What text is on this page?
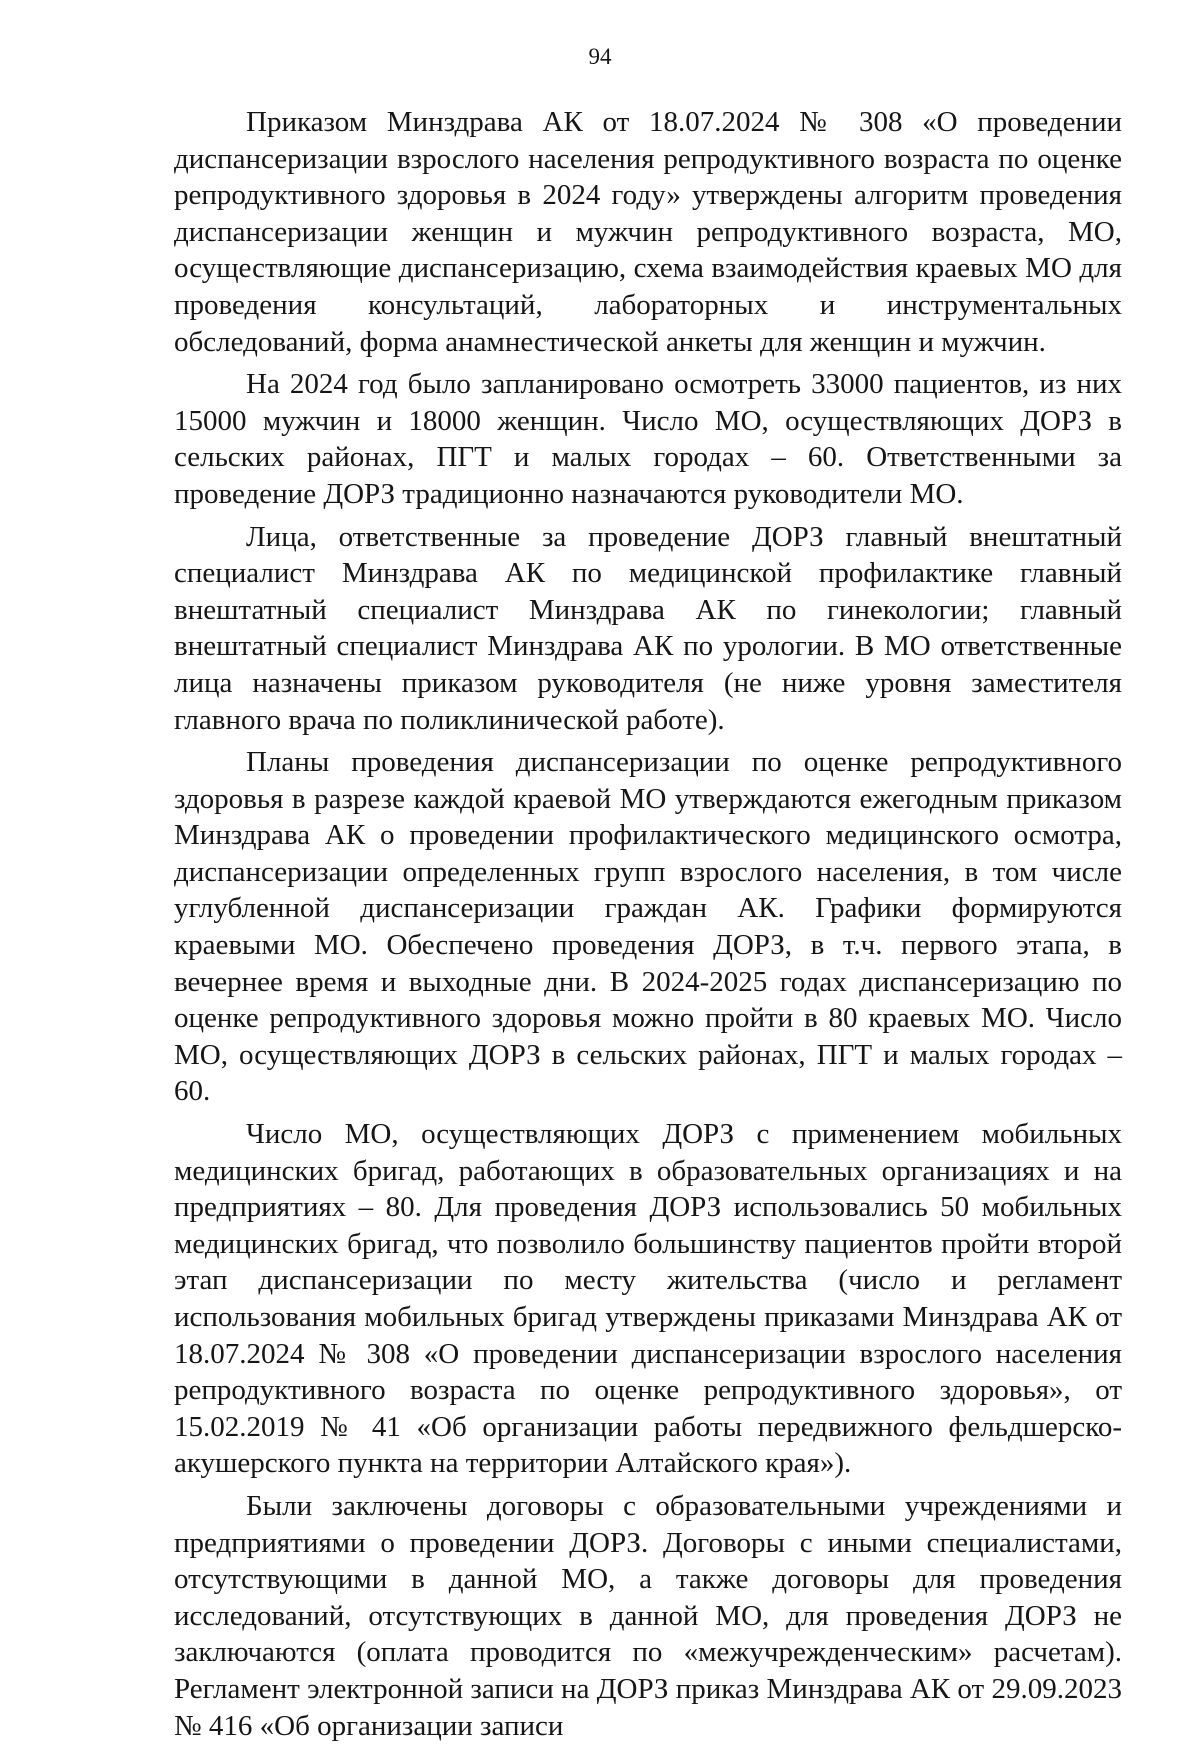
94

Приказом Минздрава АК от 18.07.2024 № 308 «О проведении диспансеризации взрослого населения репродуктивного возраста по оценке репродуктивного здоровья в 2024 году» утверждены алгоритм проведения диспансеризации женщин и мужчин репродуктивного возраста, МО, осуществляющие диспансеризацию, схема взаимодействия краевых МО для проведения консультаций, лабораторных и инструментальных обследований, форма анамнестической анкеты для женщин и мужчин.

На 2024 год было запланировано осмотреть 33000 пациентов, из них 15000 мужчин и 18000 женщин. Число МО, осуществляющих ДОРЗ в сельских районах, ПГТ и малых городах – 60. Ответственными за проведение ДОРЗ традиционно назначаются руководители МО.

Лица, ответственные за проведение ДОРЗ главный внештатный специалист Минздрава АК по медицинской профилактике главный внештатный специалист Минздрава АК по гинекологии; главный внештатный специалист Минздрава АК по урологии. В МО ответственные лица назначены приказом руководителя (не ниже уровня заместителя главного врача по поликлинической работе).

Планы проведения диспансеризации по оценке репродуктивного здоровья в разрезе каждой краевой МО утверждаются ежегодным приказом Минздрава АК о проведении профилактического медицинского осмотра, диспансеризации определенных групп взрослого населения, в том числе углубленной диспансеризации граждан АК. Графики формируются краевыми МО. Обеспечено проведения ДОРЗ, в т.ч. первого этапа, в вечернее время и выходные дни. В 2024-2025 годах диспансеризацию по оценке репродуктивного здоровья можно пройти в 80 краевых МО. Число МО, осуществляющих ДОРЗ в сельских районах, ПГТ и малых городах – 60.

Число МО, осуществляющих ДОРЗ с применением мобильных медицинских бригад, работающих в образовательных организациях и на предприятиях – 80. Для проведения ДОРЗ использовались 50 мобильных медицинских бригад, что позволило большинству пациентов пройти второй этап диспансеризации по месту жительства (число и регламент использования мобильных бригад утверждены приказами Минздрава АК от 18.07.2024 № 308 «О проведении диспансеризации взрослого населения репродуктивного возраста по оценке репродуктивного здоровья», от 15.02.2019 № 41 «Об организации работы передвижного фельдшерско-акушерского пункта на территории Алтайского края»).

Были заключены договоры с образовательными учреждениями и предприятиями о проведении ДОРЗ. Договоры с иными специалистами, отсутствующими в данной МО, а также договоры для проведения исследований, отсутствующих в данной МО, для проведения ДОРЗ не заключаются (оплата проводится по «межучрежденческим» расчетам). Регламент электронной записи на ДОРЗ приказ Минздрава АК от 29.09.2023 № 416 «Об организации записи
